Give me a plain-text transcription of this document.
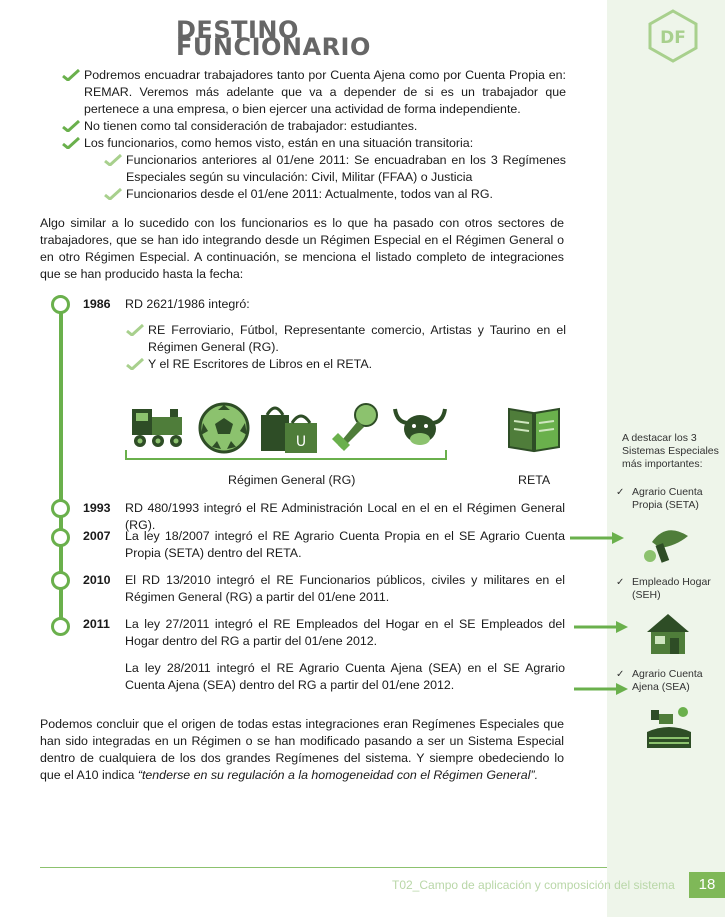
DF
DESTINO FUNCIONARIO
Podremos encuadrar trabajadores tanto por Cuenta Ajena como por Cuenta Propia en: REMAR. Veremos más adelante que va a depender de si es un trabajador que pertenece a una empresa, o bien ejercer una actividad de forma independiente.
No tienen como tal consideración de trabajador: estudiantes.
Los funcionarios, como hemos visto, están en una situación transitoria:
Funcionarios anteriores al 01/ene 2011: Se encuadraban en los 3 Regímenes Especiales según su vinculación: Civil, Militar (FFAA) o Justicia
Funcionarios desde el 01/ene 2011: Actualmente, todos van al RG.

Algo similar a lo sucedido con los funcionarios es lo que ha pasado con otros sectores de trabajadores, que se han ido integrando desde un Régimen Especial en el Régimen General o en otro Régimen Especial. A continuación, se menciona el listado completo de integraciones que se han producido hasta la fecha:

1986 RD 2621/1986 integró:
RE Ferroviario, Fútbol, Representante comercio, Artistas y Taurino en el Régimen General (RG).
Y el RE Escritores de Libros en el RETA.
U
Régimen General (RG)	RETA
1993 RD 480/1993 integró el RE Administración Local en el en el Régimen General (RG).
2007 La ley 18/2007 integró el RE Agrario Cuenta Propia en el SE Agrario Cuenta Propia (SETA) dentro del RETA.
2010 El RD 13/2010 integró el RE Funcionarios públicos, civiles y militares en el Régimen General (RG) a partir del 01/ene 2011.
2011 La ley 27/2011 integró el RE Empleados del Hogar en el SE Empleados del Hogar dentro del RG a partir del 01/ene 2012.
La ley 28/2011 integró el RE Agrario Cuenta Ajena (SEA) en el SE Agrario Cuenta Ajena (SEA) dentro del RG a partir del 01/ene 2012.

Podemos concluir que el origen de todas estas integraciones eran Regímenes Especiales que han sido integradas en un Régimen o se han modificado pasando a ser un Sistema Especial dentro de cualquiera de los dos grandes Regímenes del sistema. Y siempre obedeciendo lo que el A10 indica “tenderse en su regulación a la homogeneidad con el Régimen General”.

A destacar los 3 Sistemas Especiales más importantes:
✓ Agrario Cuenta Propia (SETA)
✓ Empleado Hogar (SEH)
✓ Agrario Cuenta Ajena (SEA)
T02_Campo de aplicación y composición del sistema	18
